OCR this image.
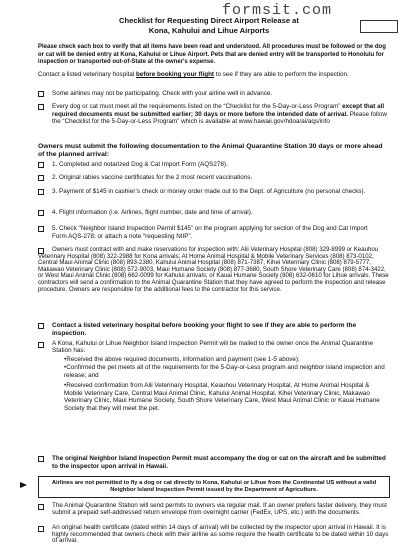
formsit.com
Checklist for Requesting Direct Airport Release at
Kona, Kahului and Lihue Airports
Please check each box to verify that all items have been read and understood. All procedures must be followed or the dog or cat will be denied entry at Kona, Kahului or Lihue Airport. Pets that are denied entry will be transported to Honolulu for inspection or transported out-of-State at the owner's expense.
Contact a listed veterinary hospital before booking your flight to see if they are able to perform the inspection.
Some airlines may not be participating. Check with your airline well in advance.
Every dog or cat must meet all the requirements listed on the “Checklist for the 5-Day-or-Less Program” except that all required documents must be submitted earlier; 30 days or more before the intended date of arrival. Please follow the “Checklist for the 5-Day-or-Less Program” which is available at www.hawaii.gov/hdoa/ai/aqs/info
Owners must submit the following documentation to the Animal Quarantine Station 30 days or more ahead of the planned arrival:
1. Completed and notarized Dog & Cat Import Form (AQS278).
2. Original rabies vaccine certificates for the 2 most recent vaccinations.
3. Payment of $145 in cashier’s check or money order made out to the Dept. of Agriculture (no personal checks).
4. Flight information (i.e. Airlines, flight number, date and time of arrival).
5. Check “Neighbor Island Inspection Permit $145” on the program applying for section of the Dog and Cat Import Form AQS-278; or attach a note “requesting NIIP”.
Owners must contract with and make reservations for inspection with: Alii Veterinary Hospital (808) 329-8999 or Keauhou Veterinary Hospital (808) 322-2988 for Kona arrivals; At Home Animal Hospital & Mobile Veterinary Services (808) 873-0102, Central Maui Animal Clinic (808) 893-2380, Kahului Animal Hospital (808) 871-7387, Kihei Veterinary Clinic (808) 879-5777, Makawao Veterinary Clinic (808) 572-9003, Maui Humane Society (808) 877-3680, South Shore Veterinary Care (808) 874-3422, or West Maui Animal Clinic (808) 662-0099 for Kahului arrivals; or Kauai Humane Society (808) 632-0610 for Lihue arrivals. These contractors will send a confirmation to the Animal Quarantine Station that they have agreed to perform the inspection and release procedure. Owners are responsible for the additional fees to the contractor for this service.
Contact a listed veterinary hospital before booking your flight to see if they are able to perform the inspection.
A Kona, Kahului or Lihue Neighbor Island Inspection Permit will be mailed to the owner once the Animal Quarantine Station has:
•Received the above required documents, information and payment (see 1-5 above);
•Confirmed the pet meets all of the requirements for the 5-Day-or-Less program and neighbor island inspection and release; and
•Received confirmation from Alii Veterinary Hospital, Keauhou Veterinary Hospital, At Home Animal Hospital & Mobile Veterinary Care, Central Maui Animal Clinic, Kahului Animal Hospital, Kihei Veterinary Clinic, Makawao Veterinary Clinic, Maui Humane Society, South Shore Veterinary Care, West Maui Animal Clinic or Kauai Humane Society that they will meet the pet.
The original Neighbor Island Inspection Permit must accompany the dog or cat on the aircraft and be submitted to the inspector upon arrival in Hawaii.
Airlines are not permitted to fly a dog or cat directly to Kona, Kahului or Lihue from the Continental US without a valid Neighbor Island Inspection Permit issued by the Department of Agriculture.
The Animal Quarantine Station will send permits to owners via regular mail. If an owner prefers faster delivery, they must submit a prepaid self-addressed return envelope from overnight carrier (FedEx, UPS, etc.) with the documents.
An original health certificate (dated within 14 days of arrival) will be collected by the inspector upon arrival in Hawaii. It is highly recommended that owners check with their airline as some require the health certificate to be dated within 10 days of arrival.
